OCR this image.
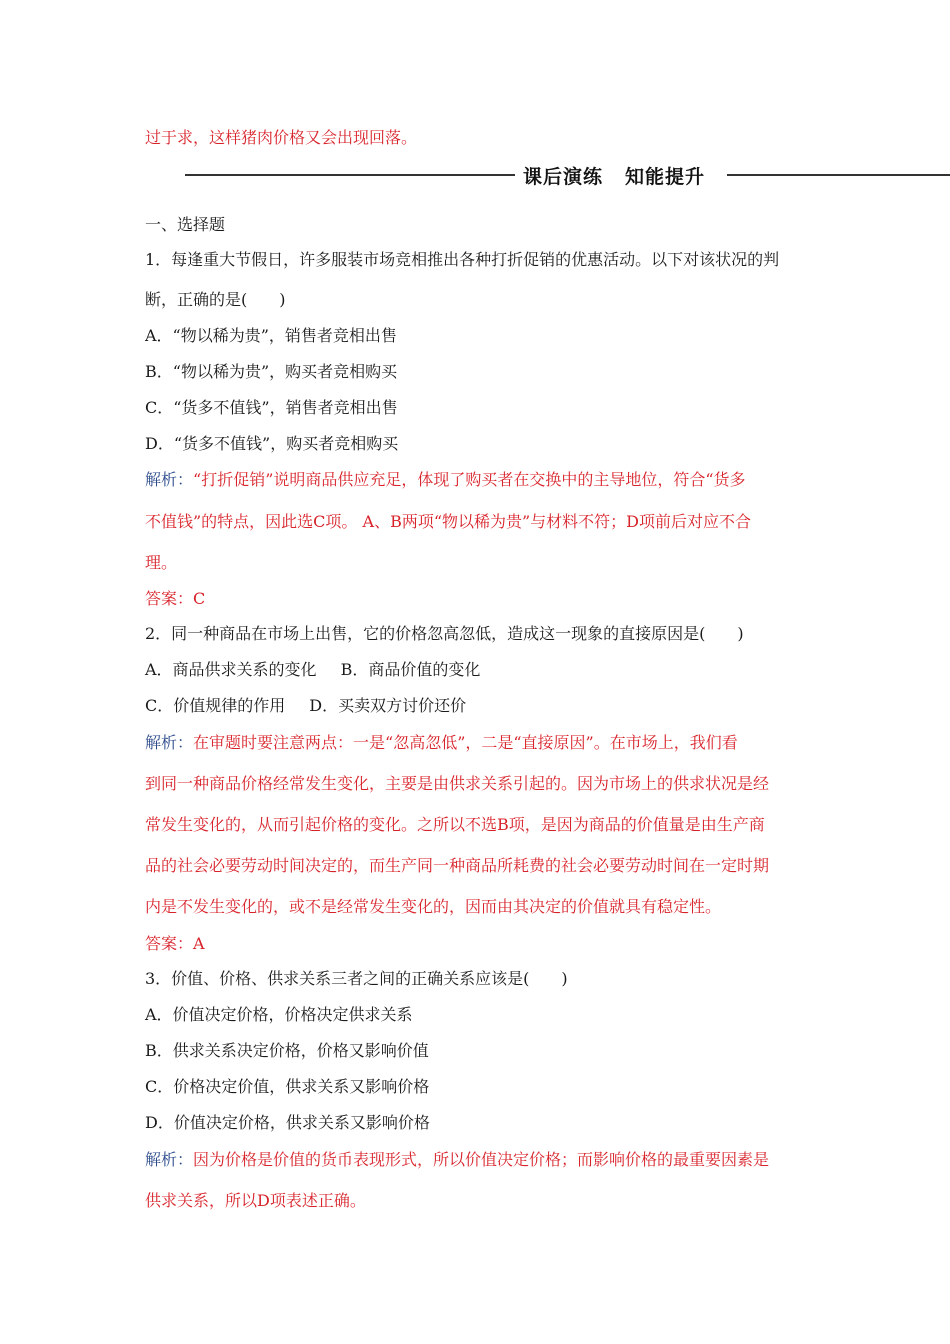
过于求，这样猪肉价格又会出现回落。
课后演练 知能提升
一、选择题
1．每逢重大节假日，许多服装市场竞相推出各种打折促销的优惠活动。以下对该状况的判
断，正确的是(　　)
A．“物以稀为贵”，销售者竞相出售
B．“物以稀为贵”，购买者竞相购买
C．“货多不值钱”，销售者竞相出售
D．“货多不值钱”，购买者竞相购买
解析：“打折促销”说明商品供应充足，体现了购买者在交换中的主导地位，符合“货多
不值钱”的特点，因此选C项。 A、B两项“物以稀为贵”与材料不符；D项前后对应不合
理。
答案：C
2．同一种商品在市场上出售，它的价格忽高忽低，造成这一现象的直接原因是(　　)
A．商品供求关系的变化 B．商品价值的变化
C．价值规律的作用 D．买卖双方讨价还价
解析：在审题时要注意两点：一是“忽高忽低”，二是“直接原因”。在市场上，我们看
到同一种商品价格经常发生变化，主要是由供求关系引起的。因为市场上的供求状况是经
常发生变化的，从而引起价格的变化。之所以不选B项，是因为商品的价值量是由生产商
品的社会必要劳动时间决定的，而生产同一种商品所耗费的社会必要劳动时间在一定时期
内是不发生变化的，或不是经常发生变化的，因而由其决定的价值就具有稳定性。
答案：A
3．价值、价格、供求关系三者之间的正确关系应该是(　　)
A．价值决定价格，价格决定供求关系
B．供求关系决定价格，价格又影响价值
C．价格决定价值，供求关系又影响价格
D．价值决定价格，供求关系又影响价格
解析：因为价格是价值的货币表现形式，所以价值决定价格；而影响价格的最重要因素是
供求关系，所以D项表述正确。
